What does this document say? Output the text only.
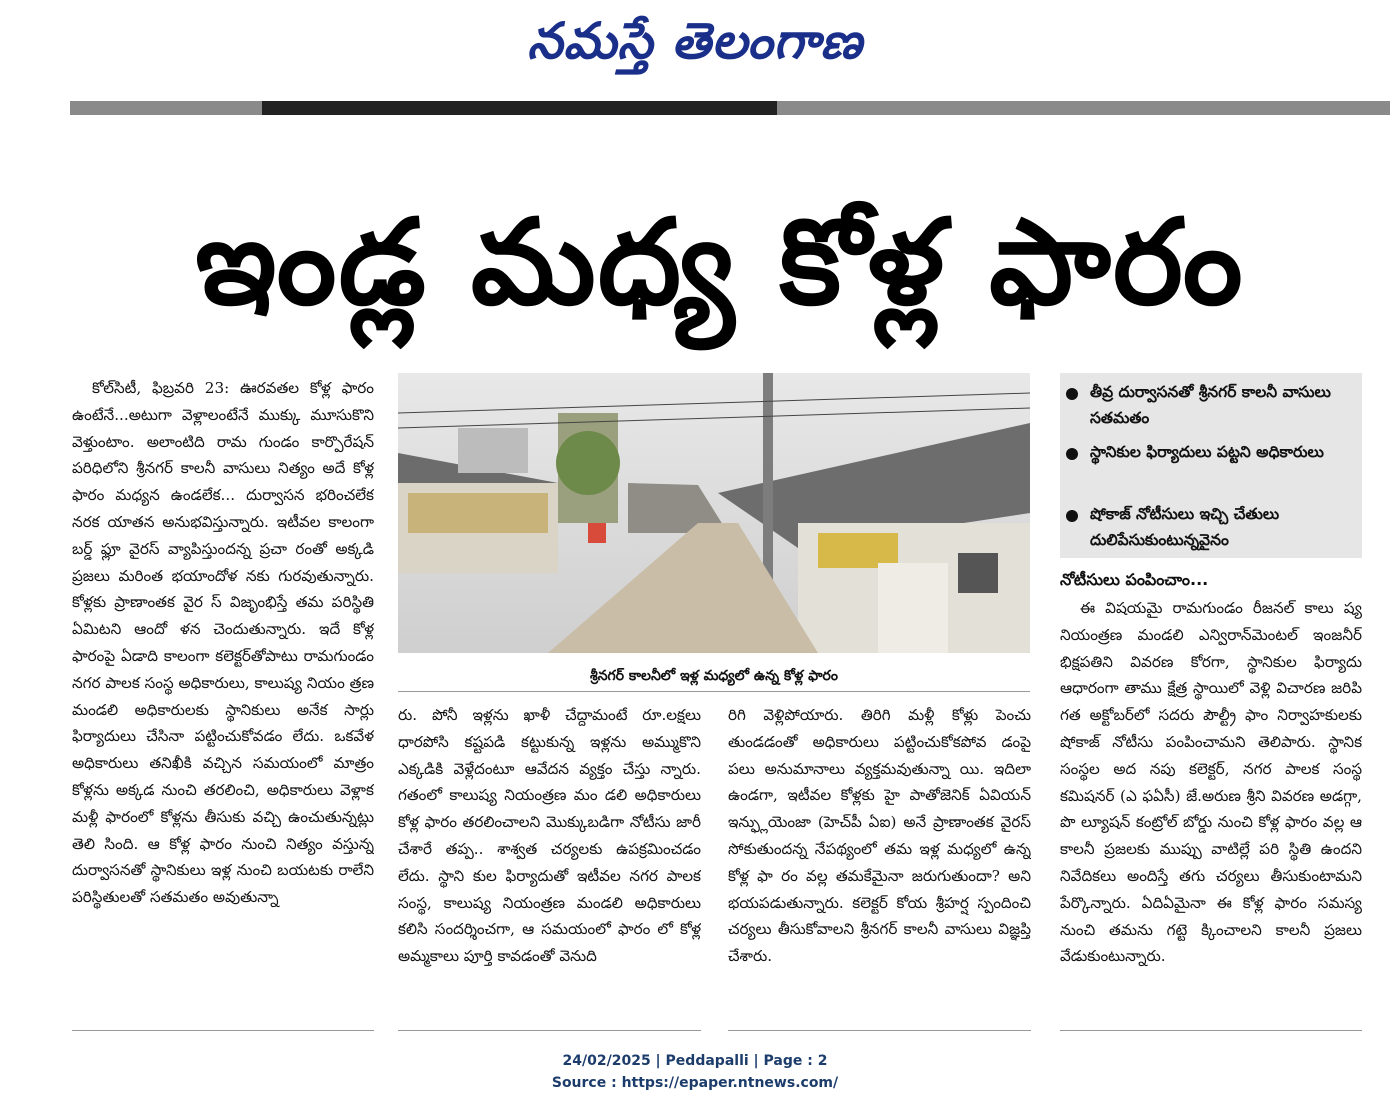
నమస్తే తెలంగాణ
ఇండ్ల మధ్య కోళ్ల ఫారం

కోల్‌సిటీ, ఫిబ్రవరి 23: ఊరవతల కోళ్ల ఫారం ఉంటేనే...అటుగా వెళ్లాలంటేనే ముక్కు మూసుకొని వెళ్తుంటాం. అలాంటిది రామ గుండం కార్పొరేషన్ పరిధిలోని శ్రీనగర్ కాలనీ వాసులు నిత్యం అదే కోళ్ల ఫారం మధ్యన ఉండలేక... దుర్వాసన భరించలేక నరక యాతన అనుభవిస్తున్నారు. ఇటీవల కాలంగా బర్డ్ ఫ్లూ వైరస్ వ్యాపిస్తుందన్న ప్రచా రంతో అక్కడి ప్రజలు మరింత భయాందోళ నకు గురవుతున్నారు. కోళ్లకు ప్రాణాంతక వైర స్ విజృంభిస్తే తమ పరిస్థితి ఏమిటని ఆందో ళన చెందుతున్నారు. ఇదే కోళ్ల ఫారంపై ఏడాది కాలంగా కలెక్టర్‌తోపాటు రామగుండం నగర పాలక సంస్థ అధికారులు, కాలుష్య నియం త్రణ మండలి అధికారులకు స్థానికులు అనేక సార్లు ఫిర్యాదులు చేసినా పట్టించుకోవడం లేదు. ఒకవేళ అధికారులు తనిఖీకి వచ్చిన సమయంలో మాత్రం కోళ్లను అక్కడ నుంచి తరలించి, అధికారులు వెళ్లాక మళ్లీ ఫారంలో కోళ్లను తీసుకు వచ్చి ఉంచుతున్నట్లు తెలి సింది. ఆ కోళ్ల ఫారం నుంచి నిత్యం వస్తున్న దుర్వాసనతో స్థానికులు ఇళ్ల నుంచి బయటకు రాలేని పరిస్థితులతో సతమతం అవుతున్నా

శ్రీనగర్ కాలనీలో ఇళ్ల మధ్యలో ఉన్న కోళ్ల ఫారం

రు. పోనీ ఇళ్లను ఖాళీ చేద్దామంటే రూ.లక్షలు ధారపోసి కష్టపడి కట్టుకున్న ఇళ్లను అమ్ముకొని ఎక్కడికి వెళ్లేదంటూ ఆవేదన వ్యక్తం చేస్తు న్నారు. గతంలో కాలుష్య నియంత్రణ మం డలి అధికారులు కోళ్ల ఫారం తరలించాలని మొక్కుబడిగా నోటీసు జారీ చేశారే తప్ప.. శాశ్వత చర్యలకు ఉపక్రమించడం లేదు. స్థాని కుల ఫిర్యాదుతో ఇటీవల నగర పాలక సంస్థ, కాలుష్య నియంత్రణ మండలి అధికారులు కలిసి సందర్శించగా, ఆ సమయంలో ఫారం లో కోళ్ల అమ్మకాలు పూర్తి కావడంతో వెనుది

రిగి వెళ్లిపోయారు. తిరిగి మళ్లీ కోళ్లు పెంచు తుండడంతో అధికారులు పట్టించుకోకపోవ డంపై పలు అనుమానాలు వ్యక్తమవుతున్నా యి. ఇదిలా ఉండగా, ఇటీవల కోళ్లకు హై పాతోజెనిక్ ఏవియన్ ఇన్ఫ్లుయెంజా (హెచ్‌పీ ఏఐ) అనే ప్రాణాంతక వైరస్ సోకుతుందన్న నేపథ్యంలో తమ ఇళ్ల మధ్యలో ఉన్న కోళ్ల ఫా రం వల్ల తమకేమైనా జరుగుతుందా? అని భయపడుతున్నారు. కలెక్టర్ కోయ శ్రీహర్ష స్పందించి చర్యలు తీసుకోవాలని శ్రీనగర్ కాలనీ వాసులు విజ్ఞప్తి చేశారు.

తీవ్ర దుర్వాసనతో శ్రీనగర్ కాలనీ వాసులు సతమతం
స్థానికుల ఫిర్యాదులు పట్టని అధికారులు
షోకాజ్ నోటీసులు ఇచ్చి చేతులు దులిపేసుకుంటున్నవైనం
నోటీసులు పంపించాం...

ఈ విషయమై రామగుండం రీజనల్ కాలు ష్య నియంత్రణ మండలి ఎన్విరాన్‌మెంటల్ ఇంజనీర్ భిక్షపతిని వివరణ కోరగా, స్థానికుల ఫిర్యాదు ఆధారంగా తాము క్షేత్ర స్థాయిలో వెళ్లి విచారణ జరిపి గత అక్టోబర్‌లో సదరు పౌల్ట్రీ ఫాం నిర్వాహకులకు షోకాజ్ నోటీసు పంపించామని తెలిపారు. స్థానిక సంస్థల అద నపు కలెక్టర్, నగర పాలక సంస్థ కమిషనర్ (ఎ ఫఏసీ) జే.అరుణ శ్రీని వివరణ అడగ్గా, పొ ల్యూషన్ కంట్రోల్ బోర్డు నుంచి కోళ్ల ఫారం వల్ల ఆ కాలనీ ప్రజలకు ముప్పు వాటిల్లే పరి స్థితి ఉందని నివేదికలు అందిస్తే తగు చర్యలు తీసుకుంటామని పేర్కొన్నారు. ఏదిఏమైనా ఈ కోళ్ల ఫారం సమస్య నుంచి తమను గట్టె క్కించాలని కాలనీ ప్రజలు వేడుకుంటున్నారు.

24/02/2025 | Peddapalli | Page : 2
Source : https://epaper.ntnews.com/
